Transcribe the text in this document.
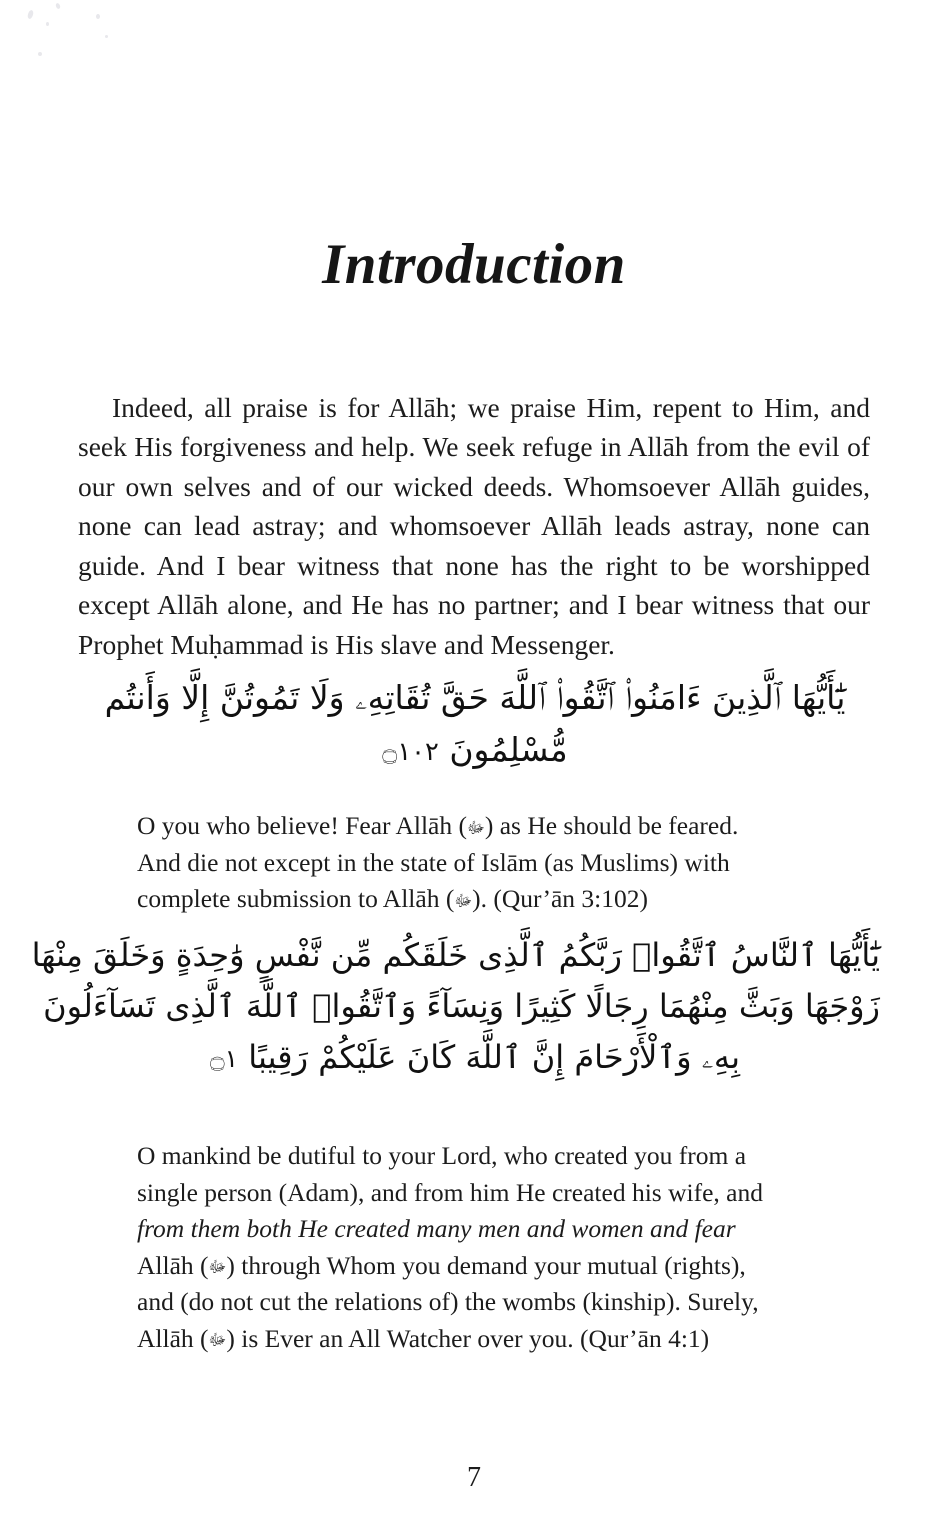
Introduction

Indeed, all praise is for Allāh; we praise Him, repent to Him, and seek His forgiveness and help. We seek refuge in Allāh from the evil of our own selves and of our wicked deeds. Whomsoever Allāh guides, none can lead astray; and whomsoever Allāh leads astray, none can guide. And I bear witness that none has the right to be worshipped except Allāh alone, and He has no partner; and I bear witness that our Prophet Muḥammad is His slave and Messenger.

يَٰٓأَيُّهَا ٱلَّذِينَ ءَامَنُوا۟ ٱتَّقُوا۟ ٱللَّهَ حَقَّ تُقَاتِهِۦ وَلَا تَمُوتُنَّ إِلَّا وَأَنتُم
مُّسْلِمُونَ ۝١٠٢
O you who believe! Fear Allāh (ﷻ) as He should be feared.
And die not except in the state of Islām (as Muslims) with
complete submission to Allāh (ﷻ). (Qur’ān 3:102)
يَٰٓأَيُّهَا ٱلنَّاسُ ٱتَّقُوا۟ رَبَّكُمُ ٱلَّذِى خَلَقَكُم مِّن نَّفْسٍ وَٰحِدَةٍ وَخَلَقَ مِنْهَا
زَوْجَهَا وَبَثَّ مِنْهُمَا رِجَالًا كَثِيرًا وَنِسَآءً وَٱتَّقُوا۟ ٱللَّهَ ٱلَّذِى تَسَآءَلُونَ
بِهِۦ وَٱلْأَرْحَامَ إِنَّ ٱللَّهَ كَانَ عَلَيْكُمْ رَقِيبًا ۝١
O mankind be dutiful to your Lord, who created you from a
single person (Adam), and from him He created his wife, and
from them both He created many men and women and fear
Allāh (ﷻ) through Whom you demand your mutual (rights),
and (do not cut the relations of) the wombs (kinship). Surely,
Allāh (ﷻ) is Ever an All Watcher over you. (Qur’ān 4:1)
7
